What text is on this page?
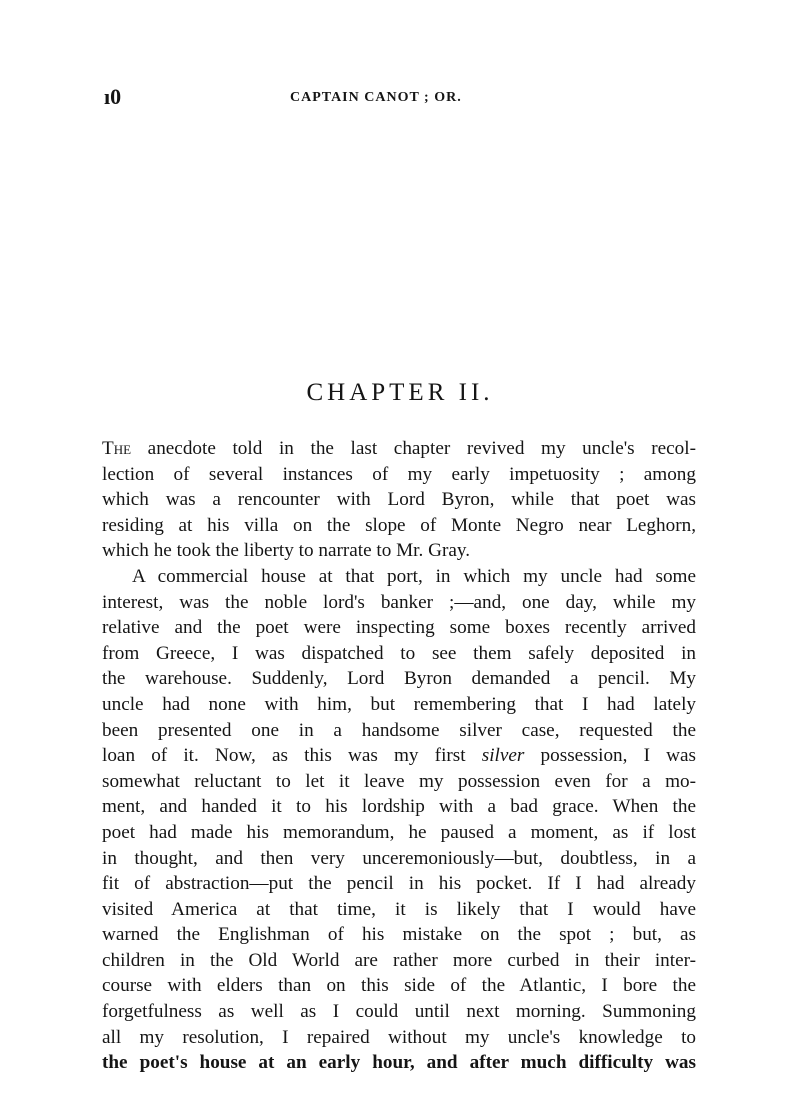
ı0	CAPTAIN CANOT ; OR.
CHAPTER II.
The anecdote told in the last chapter revived my uncle's recol-
lection of several instances of my early impetuosity ; among
which was a rencounter with Lord Byron, while that poet was
residing at his villa on the slope of Monte Negro near Leghorn,
which he took the liberty to narrate to Mr. Gray.
A commercial house at that port, in which my uncle had some
interest, was the noble lord's banker ;—and, one day, while my
relative and the poet were inspecting some boxes recently arrived
from Greece, I was dispatched to see them safely deposited in
the warehouse. Suddenly, Lord Byron demanded a pencil. My
uncle had none with him, but remembering that I had lately
been presented one in a handsome silver case, requested the
loan of it. Now, as this was my first silver possession, I was
somewhat reluctant to let it leave my possession even for a mo-
ment, and handed it to his lordship with a bad grace. When the
poet had made his memorandum, he paused a moment, as if lost
in thought, and then very unceremoniously—but, doubtless, in a
fit of abstraction—put the pencil in his pocket. If I had already
visited America at that time, it is likely that I would have
warned the Englishman of his mistake on the spot ; but, as
children in the Old World are rather more curbed in their inter-
course with elders than on this side of the Atlantic, I bore the
forgetfulness as well as I could until next morning. Summoning
all my resolution, I repaired without my uncle's knowledge to
the poet's house at an early hour, and after much difficulty was
